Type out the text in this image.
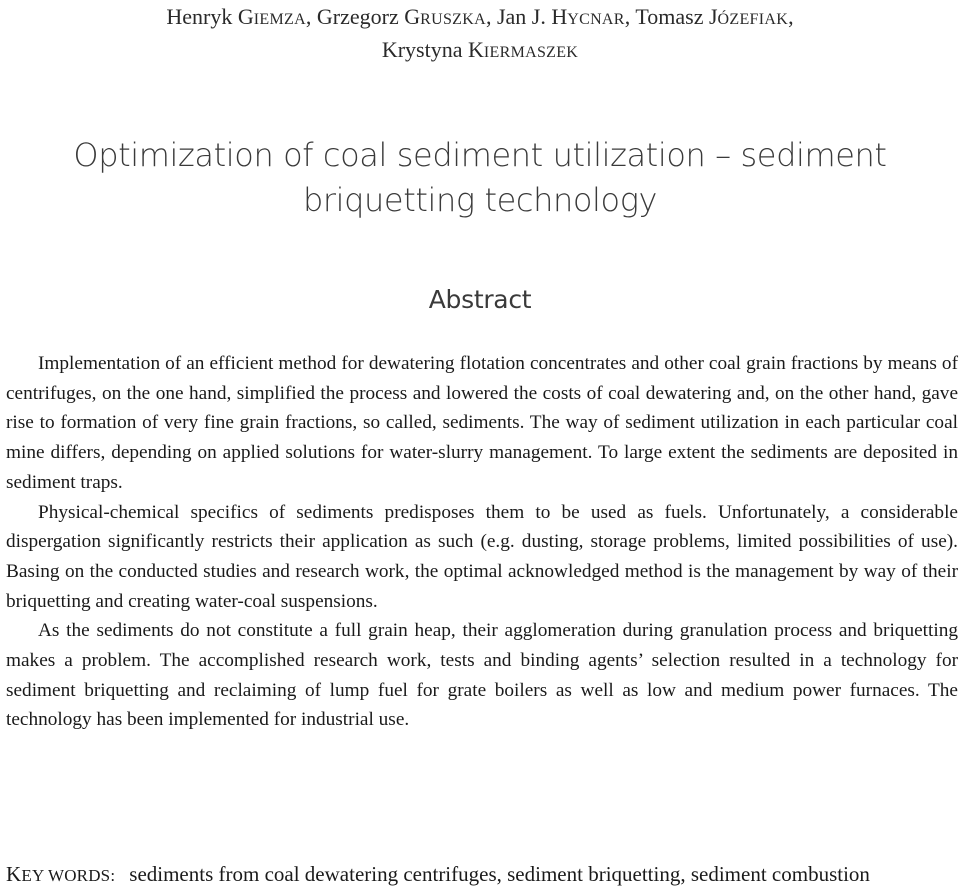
Henryk GIEMZA, Grzegorz GRUSZKA, Jan J. HYCNAR, Tomasz JÓZEFIAK,
Krystyna KIERMASZEK
Optimization of coal sediment utilization – sediment
briquetting technology
Abstract

Implementation of an efficient method for dewatering flotation concentrates and other coal grain fractions by means of centrifuges, on the one hand, simplified the process and lowered the costs of coal dewatering and, on the other hand, gave rise to formation of very fine grain fractions, so called, sediments. The way of sediment utilization in each particular coal mine differs, depending on applied solutions for water-slurry management. To large extent the sediments are deposited in sediment traps.

Physical-chemical specifics of sediments predisposes them to be used as fuels. Unfortunately, a considerable dispergation significantly restricts their application as such (e.g. dusting, storage problems, limited possibilities of use). Basing on the conducted studies and research work, the optimal acknowledged method is the management by way of their briquetting and creating water-coal suspensions.

As the sediments do not constitute a full grain heap, their agglomeration during granulation process and briquetting makes a problem. The accomplished research work, tests and binding agents’ selection resulted in a technology for sediment briquetting and reclaiming of lump fuel for grate boilers as well as low and medium power furnaces. The technology has been implemented for industrial use.

KEY WORDS: sediments from coal dewatering centrifuges, sediment briquetting, sediment combustion
